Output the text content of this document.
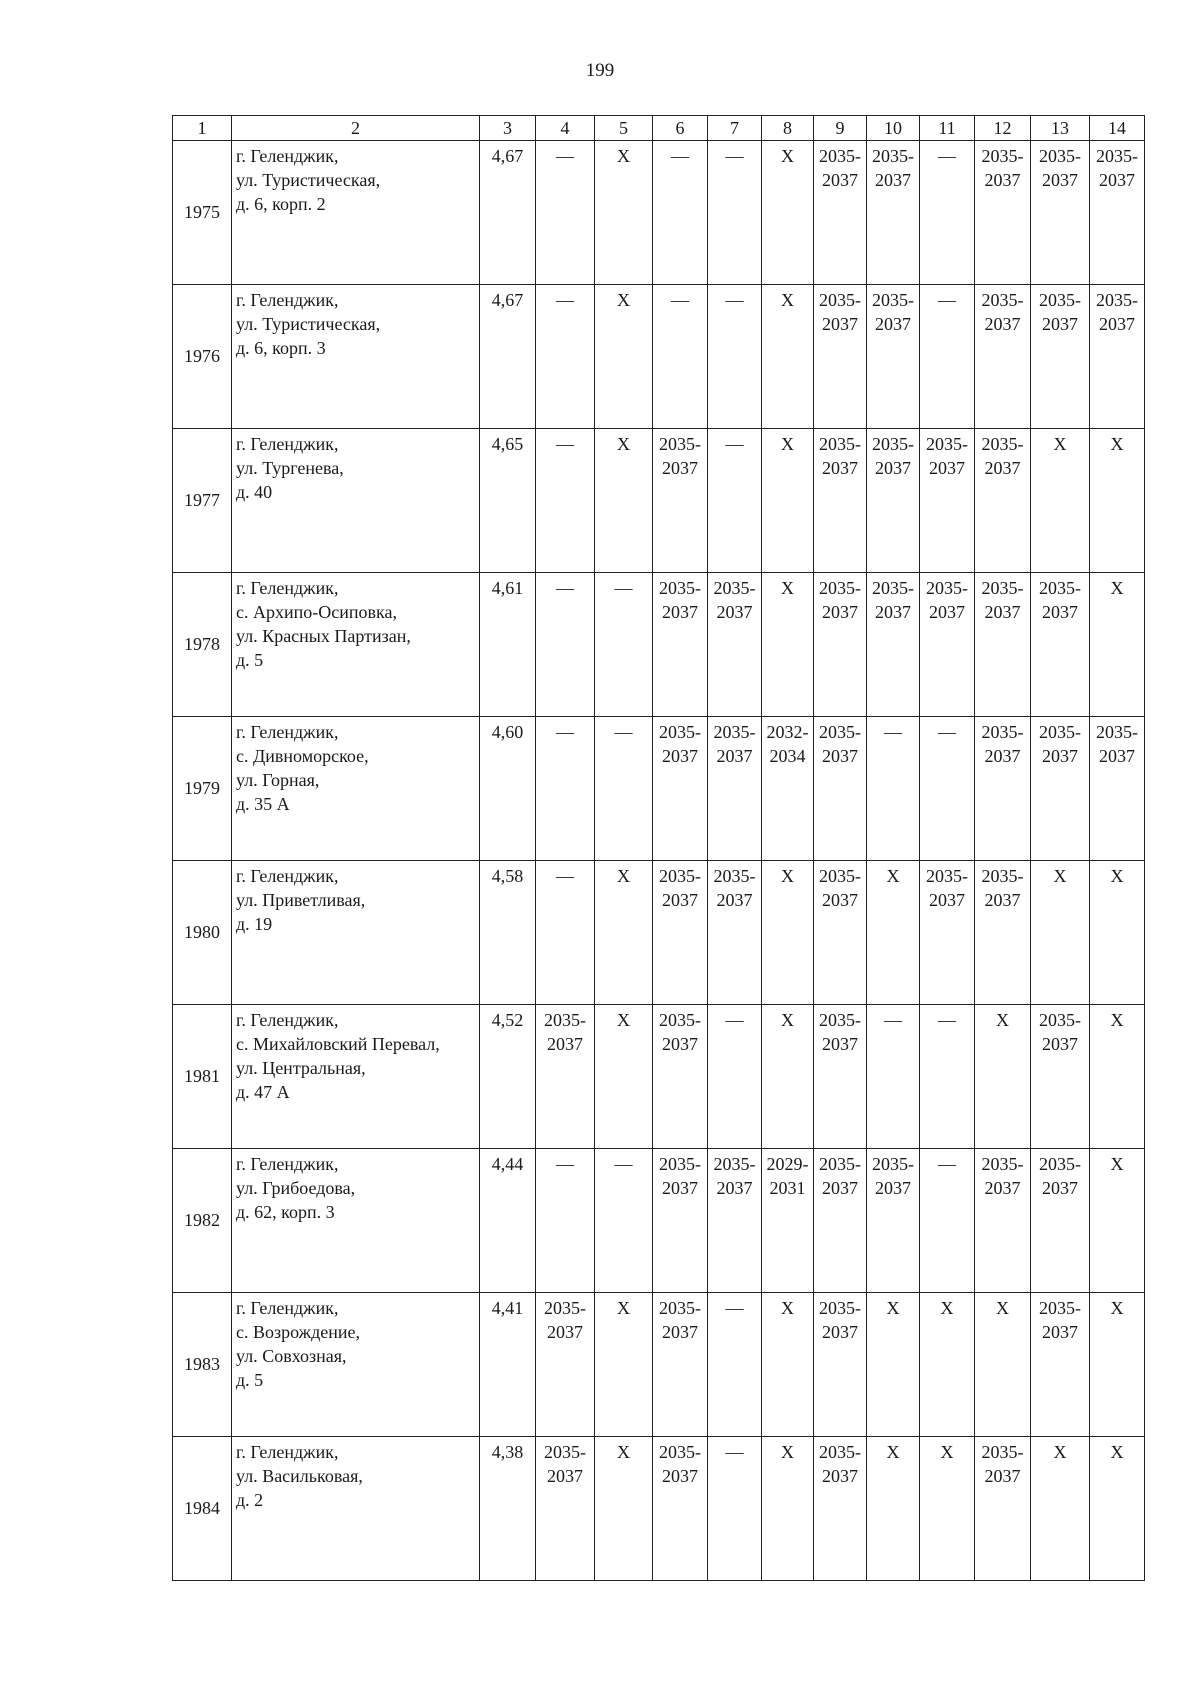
199
1	2	3	4	5	6	7	8	9	10	11	12	13	14
1975	г. Геленджик,
ул. Туристическая,
д. 6, корп. 2	4,67	—	Х	—	—	Х	2035-
2037	2035-
2037	—	2035-
2037	2035-
2037	2035-
2037
1976	г. Геленджик,
ул. Туристическая,
д. 6, корп. 3	4,67	—	Х	—	—	Х	2035-
2037	2035-
2037	—	2035-
2037	2035-
2037	2035-
2037
1977	г. Геленджик,
ул. Тургенева,
д. 40	4,65	—	Х	2035-
2037	—	Х	2035-
2037	2035-
2037	2035-
2037	2035-
2037	Х	Х
1978	г. Геленджик,
с. Архипо-Осиповка,
ул. Красных Партизан,
д. 5	4,61	—	—	2035-
2037	2035-
2037	Х	2035-
2037	2035-
2037	2035-
2037	2035-
2037	2035-
2037	Х
1979	г. Геленджик,
с. Дивноморское,
ул. Горная,
д. 35 А	4,60	—	—	2035-
2037	2035-
2037	2032-
2034	2035-
2037	—	—	2035-
2037	2035-
2037	2035-
2037
1980	г. Геленджик,
ул. Приветливая,
д. 19	4,58	—	Х	2035-
2037	2035-
2037	Х	2035-
2037	Х	2035-
2037	2035-
2037	Х	Х
1981	г. Геленджик,
с. Михайловский Перевал,
ул. Центральная,
д. 47 А	4,52	2035-
2037	Х	2035-
2037	—	Х	2035-
2037	—	—	Х	2035-
2037	Х
1982	г. Геленджик,
ул. Грибоедова,
д. 62, корп. 3	4,44	—	—	2035-
2037	2035-
2037	2029-
2031	2035-
2037	2035-
2037	—	2035-
2037	2035-
2037	Х
1983	г. Геленджик,
с. Возрождение,
ул. Совхозная,
д. 5	4,41	2035-
2037	Х	2035-
2037	—	Х	2035-
2037	Х	Х	Х	2035-
2037	Х
1984	г. Геленджик,
ул. Васильковая,
д. 2	4,38	2035-
2037	Х	2035-
2037	—	Х	2035-
2037	Х	Х	2035-
2037	Х	Х
